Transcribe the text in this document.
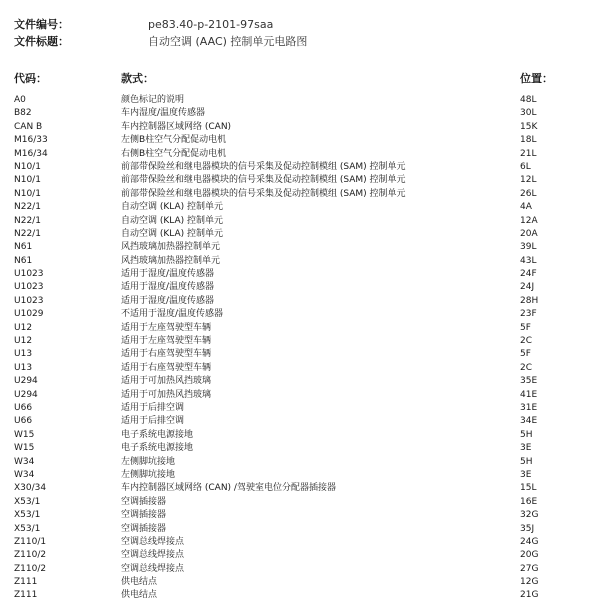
文件编号：	pe83.40-p-2101-97saa
文件标题：	自动空调 (AAC) 控制单元电路图
代码：	款式：	位置：
A0	颜色标记的说明	48L
B82	车内湿度/温度传感器	30L
CAN B	车内控制器区域网络 (CAN)	15K
M16/33	左侧B柱空气分配促动电机	18L
M16/34	右侧B柱空气分配促动电机	21L
N10/1	前部带保险丝和继电器模块的信号采集及促动控制模组 (SAM) 控制单元	6L
N10/1	前部带保险丝和继电器模块的信号采集及促动控制模组 (SAM) 控制单元	12L
N10/1	前部带保险丝和继电器模块的信号采集及促动控制模组 (SAM) 控制单元	26L
N22/1	自动空调 (KLA) 控制单元	4A
N22/1	自动空调 (KLA) 控制单元	12A
N22/1	自动空调 (KLA) 控制单元	20A
N61	风挡玻璃加热器控制单元	39L
N61	风挡玻璃加热器控制单元	43L
U1023	适用于湿度/温度传感器	24F
U1023	适用于湿度/温度传感器	24J
U1023	适用于湿度/温度传感器	28H
U1029	不适用于湿度/温度传感器	23F
U12	适用于左座驾驶型车辆	5F
U12	适用于左座驾驶型车辆	2C
U13	适用于右座驾驶型车辆	5F
U13	适用于右座驾驶型车辆	2C
U294	适用于可加热风挡玻璃	35E
U294	适用于可加热风挡玻璃	41E
U66	适用于后排空调	31E
U66	适用于后排空调	34E
W15	电子系统电源接地	5H
W15	电子系统电源接地	3E
W34	左侧脚坑接地	5H
W34	左侧脚坑接地	3E
X30/34	车内控制器区域网络 (CAN) /驾驶室电位分配器插接器	15L
X53/1	空调插接器	16E
X53/1	空调插接器	32G
X53/1	空调插接器	35J
Z110/1	空调总线焊接点	24G
Z110/2	空调总线焊接点	20G
Z110/2	空调总线焊接点	27G
Z111	供电结点	12G
Z111	供电结点	21G
